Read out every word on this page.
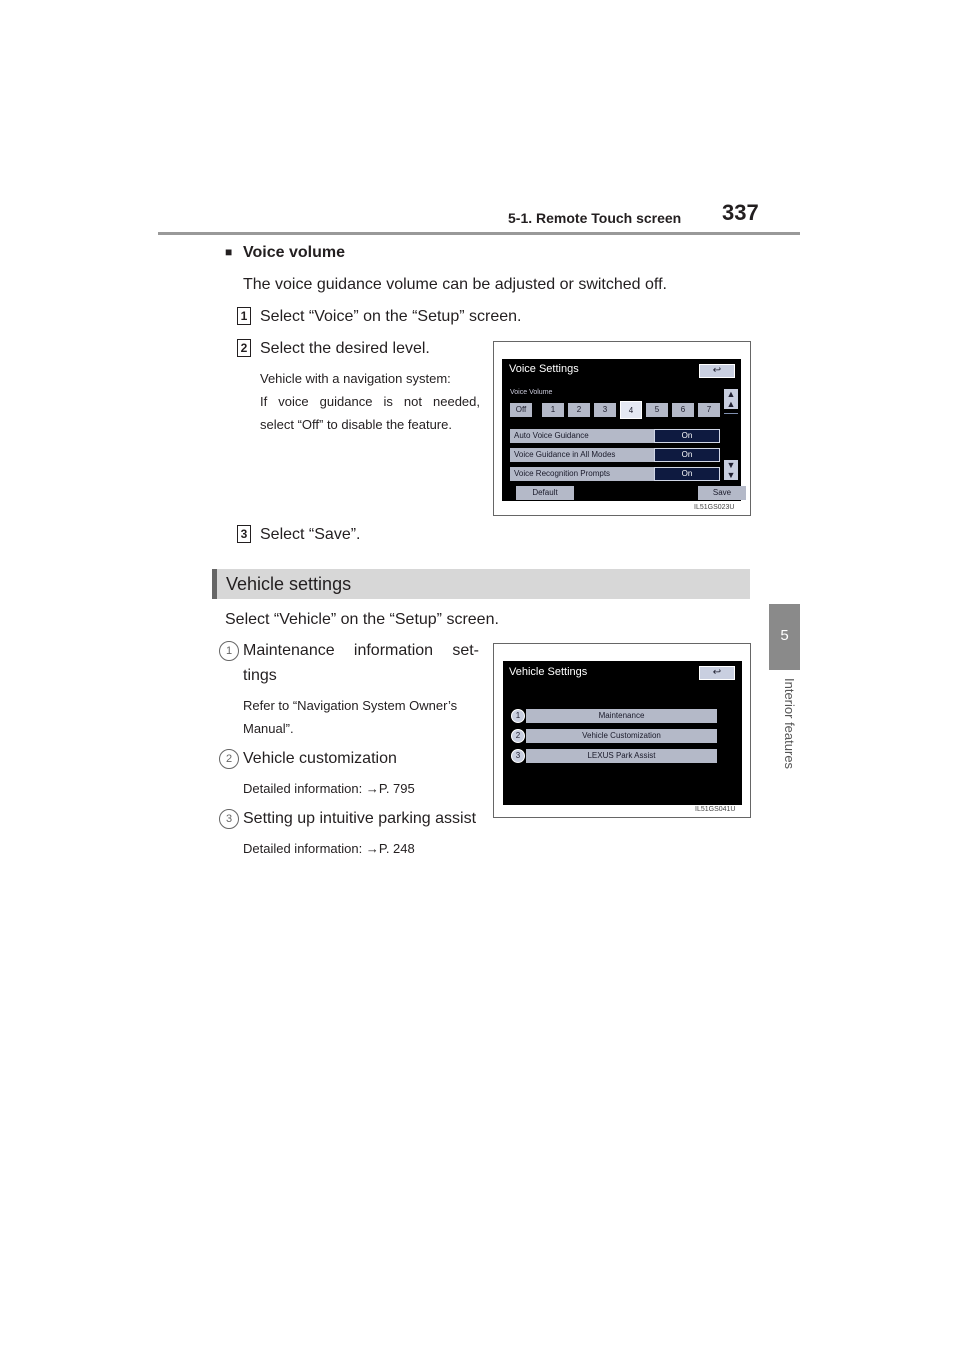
5-1. Remote Touch screen 337
5
Interior features
■ Voice volume
The voice guidance volume can be adjusted or switched off.
1 Select “Voice” on the “Setup” screen.
2 Select the desired level.
Vehicle with a navigation system:
If voice guidance is not needed,
select “Off” to disable the feature.
3 Select “Save”.
Voice Settings	↩
Voice Volume
Off	1	2	3	4	5	6	7
▲
▲
Auto Voice Guidance	On
Voice Guidance in All Modes	On
Voice Recognition Prompts	On
▼
▼
Default	Save
IL51GS023U
Vehicle settings
Select “Vehicle” on the “Setup” screen.
1 Maintenance information set-
tings
Refer to “Navigation System Owner’s
Manual”.
2 Vehicle customization
Detailed information: →P. 795
3 Setting up intuitive parking assist
Detailed information: →P. 248
Vehicle Settings	↩
1	Maintenance
2	Vehicle Customization
3	LEXUS Park Assist
IL51GS041U
